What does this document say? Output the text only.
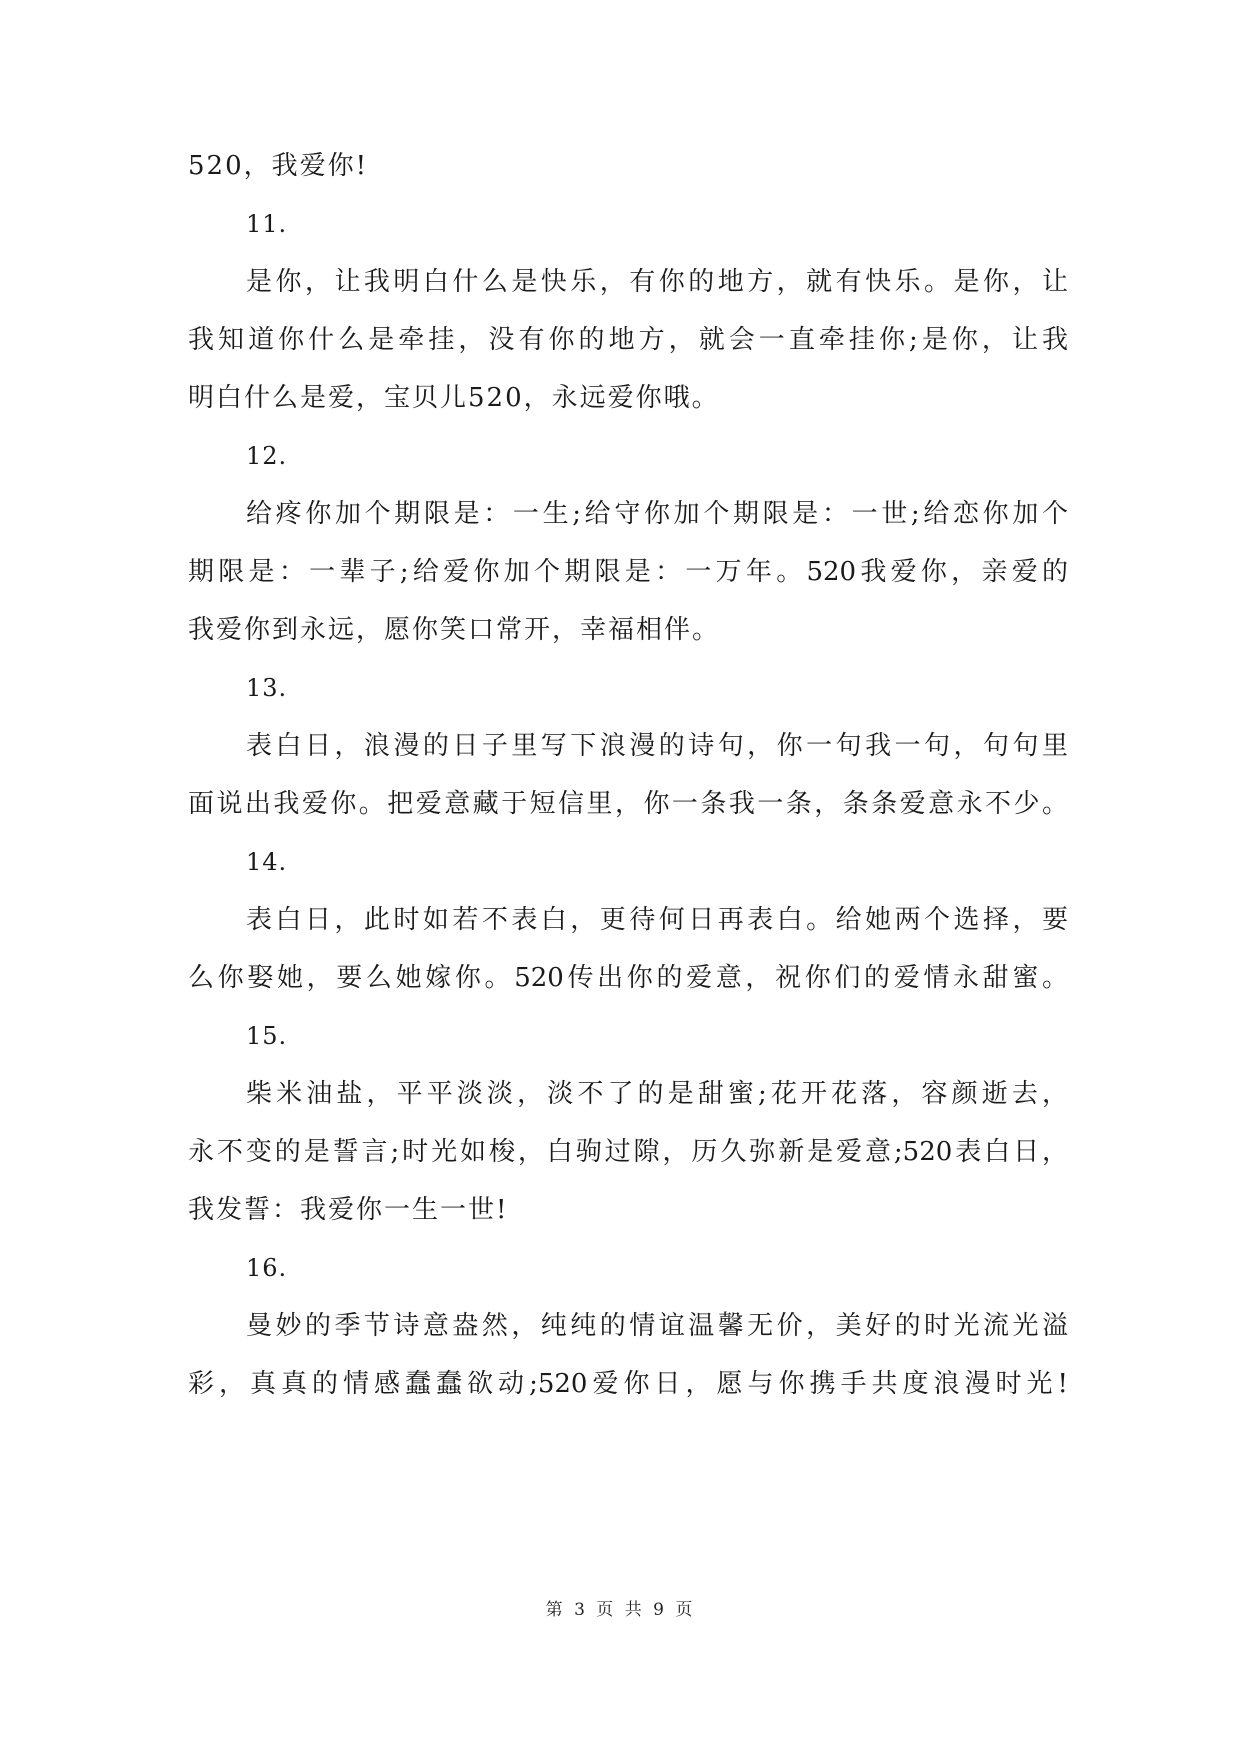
520，我爱你!
11.
是你，让我明白什么是快乐，有你的地方，就有快乐。是你，让
我知道你什么是牵挂，没有你的地方，就会一直牵挂你;是你，让我
明白什么是爱，宝贝儿520，永远爱你哦。
12.
给疼你加个期限是：一生;给守你加个期限是：一世;给恋你加个
期限是：一辈子;给爱你加个期限是：一万年。520我爱你，亲爱的
我爱你到永远，愿你笑口常开，幸福相伴。
13.
表白日，浪漫的日子里写下浪漫的诗句，你一句我一句，句句里
面说出我爱你。把爱意藏于短信里，你一条我一条，条条爱意永不少。
14.
表白日，此时如若不表白，更待何日再表白。给她两个选择，要
么你娶她，要么她嫁你。520传出你的爱意，祝你们的爱情永甜蜜。
15.
柴米油盐，平平淡淡，淡不了的是甜蜜;花开花落，容颜逝去，
永不变的是誓言;时光如梭，白驹过隙，历久弥新是爱意;520表白日，
我发誓：我爱你一生一世!
16.
曼妙的季节诗意盎然，纯纯的情谊温馨无价，美好的时光流光溢
彩，真真的情感蠢蠢欲动;520爱你日，愿与你携手共度浪漫时光!
第 3 页 共 9 页
